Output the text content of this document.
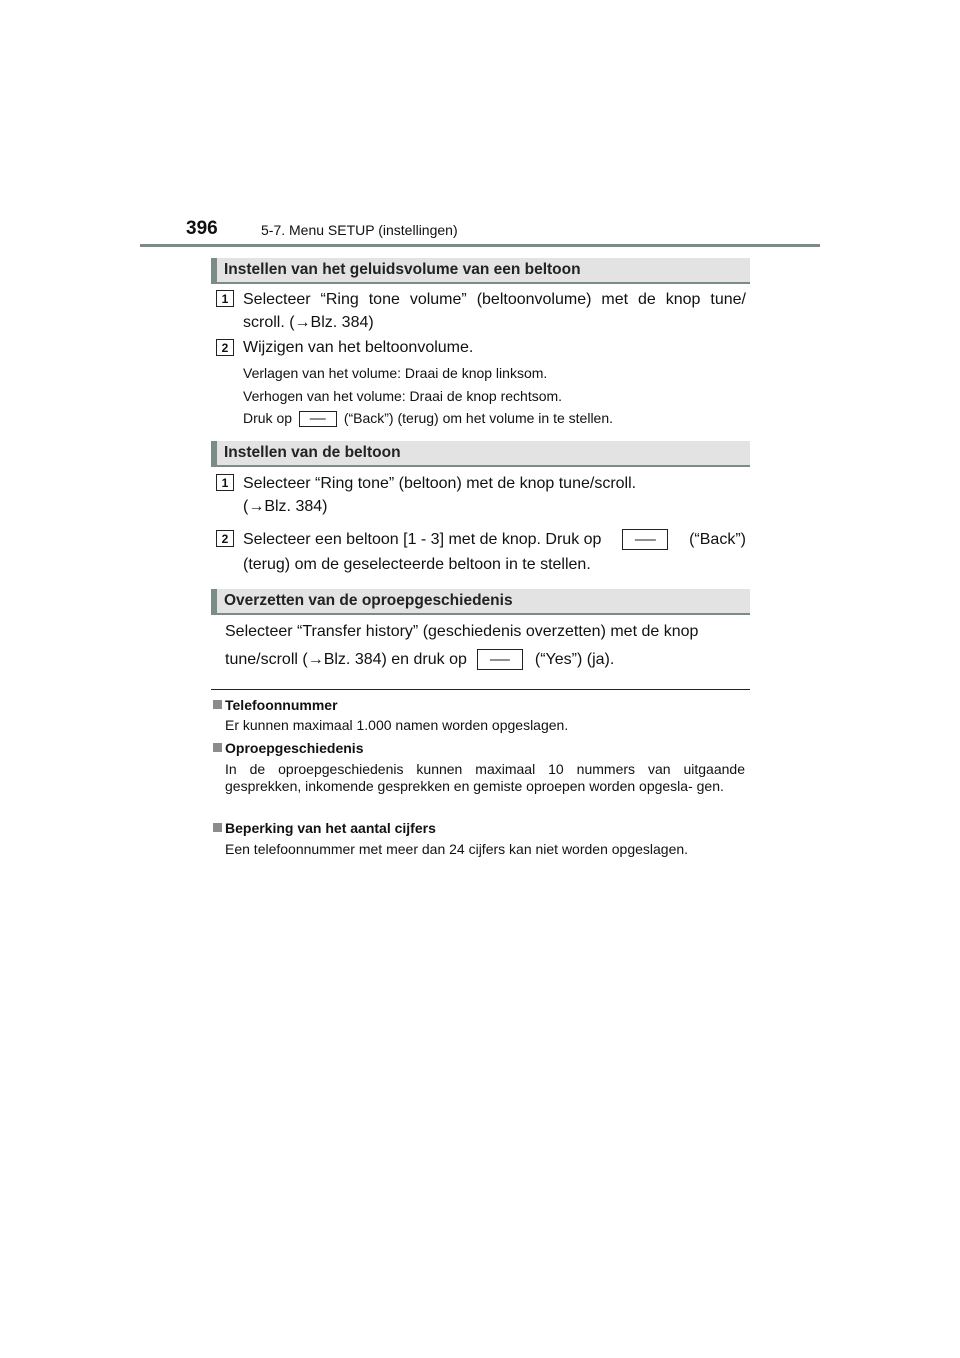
396	5-7. Menu SETUP (instellingen)
Instellen van het geluidsvolume van een beltoon
1 Selecteer “Ring tone volume” (beltoonvolume) met de knop tune/ scroll. (→Blz. 384)
2 Wijzigen van het beltoonvolume.
Verlagen van het volume: Draai de knop linksom.
Verhogen van het volume: Draai de knop rechtsom.
Druk op	(“Back”) (terug) om het volume in te stellen.
Instellen van de beltoon
1 Selecteer “Ring tone” (beltoon) met de knop tune/scroll.
(→Blz. 384)
2 Selecteer een beltoon [1 - 3] met de knop. Druk op	(“Back”)
(terug) om de geselecteerde beltoon in te stellen.
Overzetten van de oproepgeschiedenis
Selecteer “Transfer history” (geschiedenis overzetten) met de knop
tune/scroll (→Blz. 384) en druk op	(“Yes”) (ja).
Telefoonnummer
Er kunnen maximaal 1.000 namen worden opgeslagen.
Oproepgeschiedenis
In de oproepgeschiedenis kunnen maximaal 10 nummers van uitgaande gesprekken, inkomende gesprekken en gemiste oproepen worden opgesla- gen.
Beperking van het aantal cijfers
Een telefoonnummer met meer dan 24 cijfers kan niet worden opgeslagen.
